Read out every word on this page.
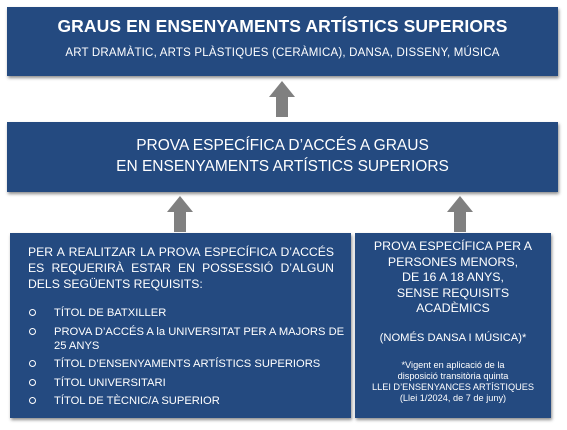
GRAUS EN ENSENYAMENTS ARTÍSTICS SUPERIORS
ART DRAMÀTIC, ARTS PLÀSTIQUES (CERÀMICA), DANSA, DISSENY, MÚSICA
PROVA ESPECÍFICA D’ACCÉS A GRAUS
EN ENSENYAMENTS ARTÍSTICS SUPERIORS
PER A REALITZAR LA PROVA ESPECÍFICA D’ACCÉS ES REQUERIRÀ ESTAR EN POSSESSIÓ D’ALGUN DELS SEGÜENTS REQUISITS:
TÍTOL DE BATXILLER
PROVA D’ACCÉS A la UNIVERSITAT PER A MAJORS DE 25 ANYS
TÍTOL D’ENSENYAMENTS ARTÍSTICS SUPERIORS
TÍTOL UNIVERSITARI
TÍTOL DE TÈCNIC/A SUPERIOR
PROVA ESPECÍFICA PER A
PERSONES MENORS,
DE 16 A 18 ANYS,
SENSE REQUISITS
ACADÈMICS
(NOMÉS DANSA I MÚSICA)*
*Vigent en aplicació de la
disposició transitòria quinta
LLEI D’ENSENYANCES ARTÍSTIQUES
(Llei 1/2024, de 7 de juny)
